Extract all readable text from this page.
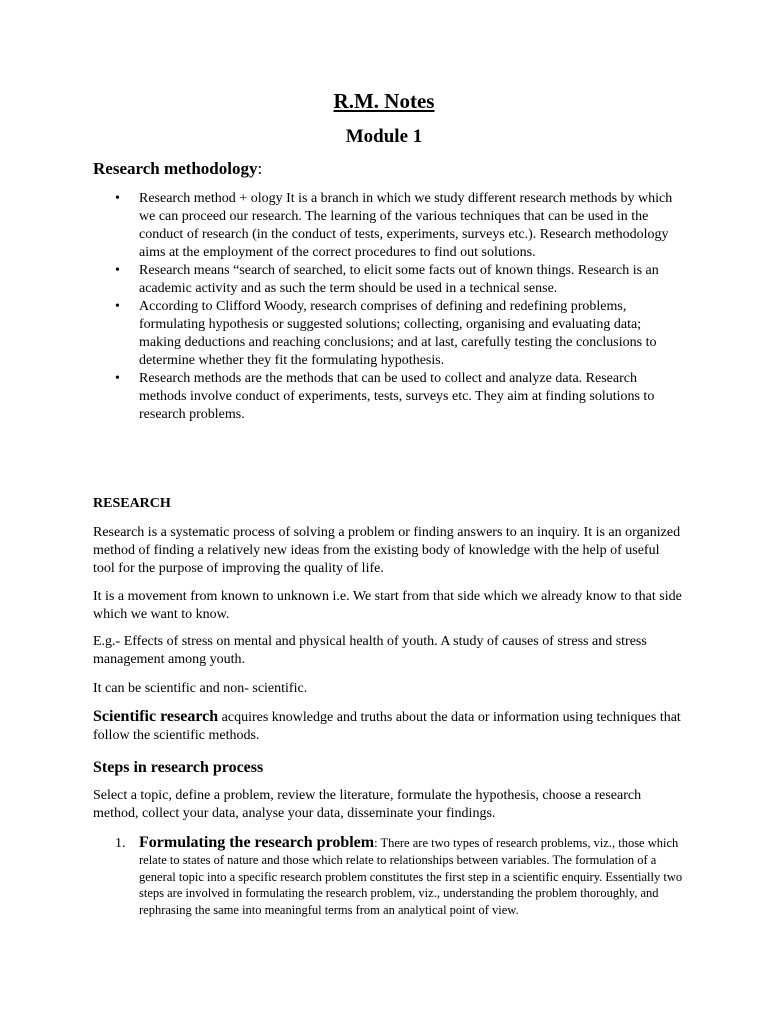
R.M. Notes
Module 1
Research methodology:
• Research method + ology It is a branch in which we study different research methods by which we can proceed our research. The learning of the various techniques that can be used in the conduct of research (in the conduct of tests, experiments, surveys etc.). Research methodology aims at the employment of the correct procedures to find out solutions.
• Research means “search of searched, to elicit some facts out of known things. Research is an academic activity and as such the term should be used in a technical sense.
• According to Clifford Woody, research comprises of defining and redefining problems, formulating hypothesis or suggested solutions; collecting, organising and evaluating data; making deductions and reaching conclusions; and at last, carefully testing the conclusions to determine whether they fit the formulating hypothesis.
• Research methods are the methods that can be used to collect and analyze data. Research methods involve conduct of experiments, tests, surveys etc. They aim at finding solutions to research problems.
RESEARCH

Research is a systematic process of solving a problem or finding answers to an inquiry. It is an organized method of finding a relatively new ideas from the existing body of knowledge with the help of useful tool for the purpose of improving the quality of life.

It is a movement from known to unknown i.e. We start from that side which we already know to that side which we want to know.

E.g.- Effects of stress on mental and physical health of youth. A study of causes of stress and stress management among youth.

It can be scientific and non- scientific.

Scientific research acquires knowledge and truths about the data or information using techniques that follow the scientific methods.

Steps in research process

Select a topic, define a problem, review the literature, formulate the hypothesis, choose a research method, collect your data, analyse your data, disseminate your findings.

1. Formulating the research problem: There are two types of research problems, viz., those which relate to states of nature and those which relate to relationships between variables. The formulation of a general topic into a specific research problem constitutes the first step in a scientific enquiry. Essentially two steps are involved in formulating the research problem, viz., understanding the problem thoroughly, and rephrasing the same into meaningful terms from an analytical point of view.
